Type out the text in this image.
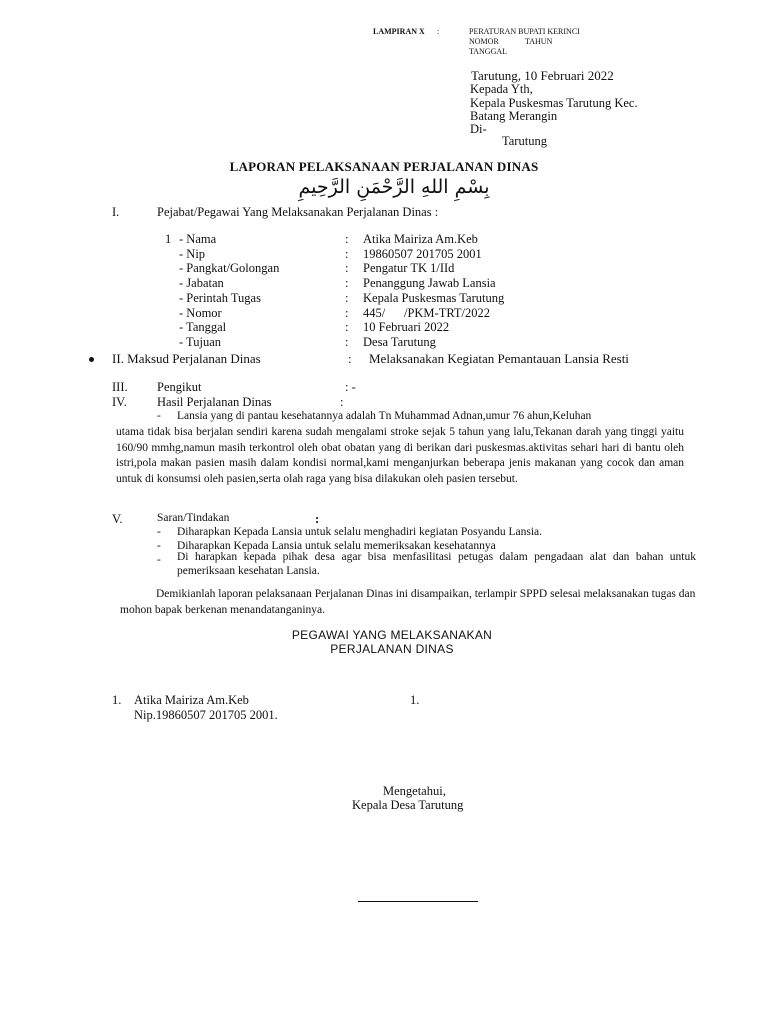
LAMPIRAN X :	PERATURAN BUPATI KERINCI
NOMOR	TAHUN
TANGGAL
Tarutung, 10 Februari 2022
Kepada Yth,
Kepala Puskesmas Tarutung Kec.
Batang Merangin
Di-
Tarutung
LAPORAN PELAKSANAAN PERJALANAN DINAS
بِسْمِ اللهِ الرَّحْمَنِ الرَّحِيمِ
I.	Pejabat/Pegawai Yang Melaksanakan Perjalanan Dinas :
1 - Nama	: Atika Mairiza Am.Keb
- Nip	: 19860507 201705 2001
- Pangkat/Golongan	: Pengatur TK 1/IId
- Jabatan	: Penanggung Jawab Lansia
- Perintah Tugas	: Kepala Puskesmas Tarutung
- Nomor	: 445/      /PKM-TRT/2022
- Tanggal	: 10 Februari 2022
- Tujuan	: Desa Tarutung
II. Maksud Perjalanan Dinas	: Melaksanakan Kegiatan Pemantauan Lansia Resti
III. Pengikut	: -
IV. Hasil Perjalanan Dinas	:
- Lansia yang di pantau kesehatannya adalah Tn Muhammad Adnan,umur 76 ahun,Keluhan
utama tidak bisa berjalan sendiri karena sudah mengalami stroke sejak 5 tahun yang lalu,Tekanan darah yang tinggi yaitu 160/90 mmhg,namun masih terkontrol oleh obat obatan yang di berikan dari puskesmas.aktivitas sehari hari di bantu oleh istri,pola makan pasien masih dalam kondisi normal,kami menganjurkan beberapa jenis makanan yang cocok dan aman untuk di konsumsi oleh pasien,serta olah raga yang bisa dilakukan oleh pasien tersebut.
V.	Saran/Tindakan	:
- Diharapkan Kepada Lansia untuk selalu menghadiri kegiatan Posyandu Lansia.
- Diharapkan Kepada Lansia untuk selalu memeriksakan kesehatannya
- Di harapkan kepada pihak desa agar bisa menfasilitasi petugas dalam pengadaan alat dan bahan untuk pemeriksaan kesehatan Lansia.
Demikianlah laporan pelaksanaan Perjalanan Dinas ini disampaikan, terlampir SPPD selesai melaksanakan tugas dan mohon bapak berkenan menandatanganinya.
PEGAWAI YANG MELAKSANAKAN
PERJALANAN DINAS
1. Atika Mairiza Am.Keb
Nip.19860507 201705 2001.
1.
Mengetahui,
Kepala Desa Tarutung
